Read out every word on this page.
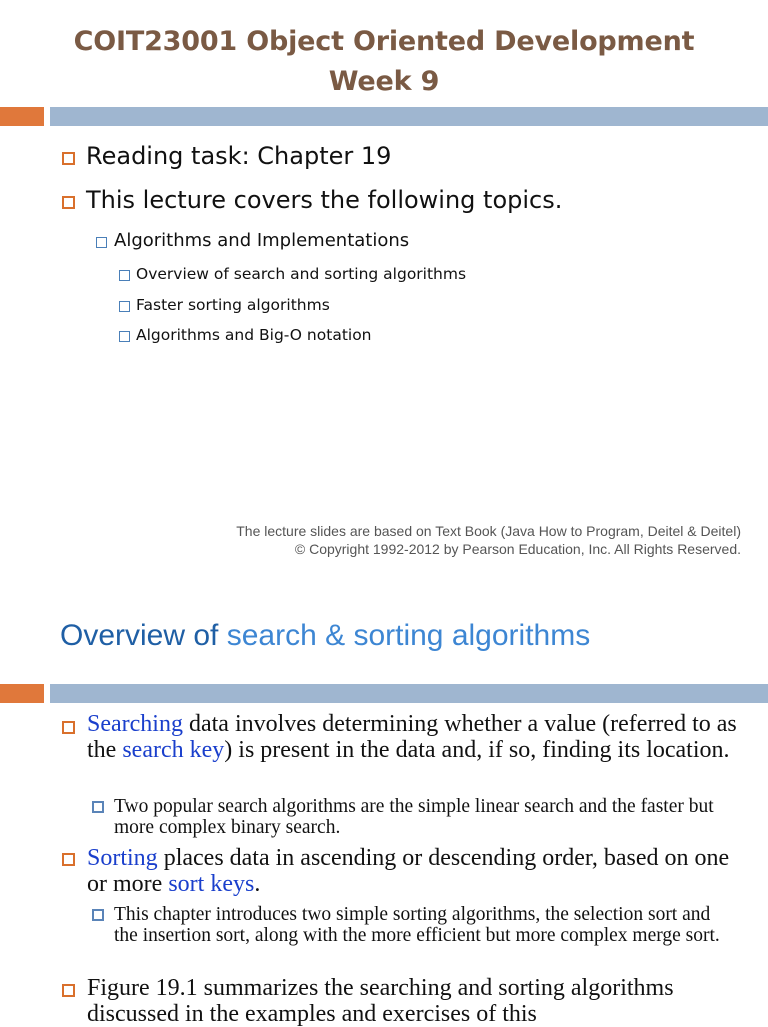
COIT23001 Object Oriented Development
Week 9
Reading task: Chapter 19
This lecture covers the following topics.
Algorithms and Implementations
Overview of search and sorting algorithms
Faster sorting algorithms
Algorithms and Big-O notation
The lecture slides are based on Text Book (Java How to Program, Deitel & Deitel)
© Copyright 1992-2012 by Pearson Education, Inc. All Rights Reserved.
Overview of search & sorting algorithms
Searching data involves determining whether a value (referred to as the search key) is present in the data and, if so, finding its location.
Two popular search algorithms are the simple linear search and the faster but more complex binary search.
Sorting places data in ascending or descending order, based on one or more sort keys.
This chapter introduces two simple sorting algorithms, the selection sort and the insertion sort, along with the more efficient but more complex merge sort.
Figure 19.1 summarizes the searching and sorting algorithms discussed in the examples and exercises of this
